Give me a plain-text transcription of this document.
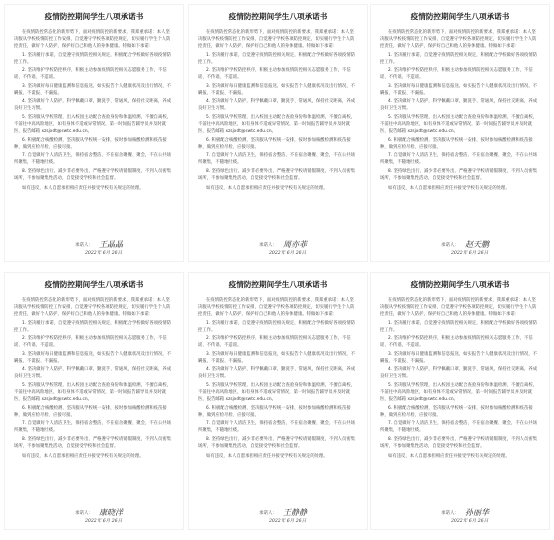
疫情防控期间学生八项承诺书
在疫情防控常态化的新形势下，面对疫情防控的新要求，我郑重承诺：本人坚决服从学校疫情防控工作安排，自觉遵守学校各项防控规定，切实履行学生个人防控责任，做好个人防护，保护好自己和他人的身体健康。特做如下承诺：
1. 坚决履行承诺，自觉遵守疫情防控相关规定，积极配合学校做好各项疫情防控工作。
2. 坚决维护学校防控秩序，积极主动参加疫情防控相关志愿服务工作，不信谣、不传谣、不造谣。
3. 坚决做好每日健康监测和信息报送，如实报告个人健康状况及出行情况，不瞒报、不谎报、不漏报。
4. 坚决做好个人防护，科学佩戴口罩，勤洗手、常通风，保持社交距离，养成良好卫生习惯。
5. 坚决服从学校管理，出入校园主动配合查验身份和体温检测，不擅自离校，不前往中高风险地区，如有身体不适或异常情况，第一时间报告辅导员并及时就医，报告邮箱 xzsjxdt@swtc.edu.cn。
6. 积极配合核酸检测，坚决服从学校统一安排，按时参加核酸检测和疫苗接种，做到应检尽检、应接尽接。
7. 自觉做好个人清洁卫生，保持宿舍整洁，不在宿舍聚餐、聚会，不在公共场所聚集，不随地吐痰。
8. 坚持绿色出行，减少非必要外出，严格遵守学校请销假制度，不到人员密集场所，不参加聚集性活动，自觉接受学校和社会监督。
如有违反，本人自愿承担相应责任并接受学校有关规定的处理。
承诺人： 王晶晶
2022年 6月 26日
疫情防控期间学生八项承诺书
在疫情防控常态化的新形势下，面对疫情防控的新要求，我郑重承诺：本人坚决服从学校疫情防控工作安排，自觉遵守学校各项防控规定，切实履行学生个人防控责任，做好个人防护，保护好自己和他人的身体健康。特做如下承诺：
1. 坚决履行承诺，自觉遵守疫情防控相关规定，积极配合学校做好各项疫情防控工作。
2. 坚决维护学校防控秩序，积极主动参加疫情防控相关志愿服务工作，不信谣、不传谣、不造谣。
3. 坚决做好每日健康监测和信息报送，如实报告个人健康状况及出行情况，不瞒报、不谎报、不漏报。
4. 坚决做好个人防护，科学佩戴口罩，勤洗手、常通风，保持社交距离，养成良好卫生习惯。
5. 坚决服从学校管理，出入校园主动配合查验身份和体温检测，不擅自离校，不前往中高风险地区，如有身体不适或异常情况，第一时间报告辅导员并及时就医，报告邮箱 xzsjxdt@swtc.edu.cn。
6. 积极配合核酸检测，坚决服从学校统一安排，按时参加核酸检测和疫苗接种，做到应检尽检、应接尽接。
7. 自觉做好个人清洁卫生，保持宿舍整洁，不在宿舍聚餐、聚会，不在公共场所聚集，不随地吐痰。
8. 坚持绿色出行，减少非必要外出，严格遵守学校请销假制度，不到人员密集场所，不参加聚集性活动，自觉接受学校和社会监督。
如有违反，本人自愿承担相应责任并接受学校有关规定的处理。
承诺人： 周亦菲
2022年 6月 26日
疫情防控期间学生八项承诺书
在疫情防控常态化的新形势下，面对疫情防控的新要求，我郑重承诺：本人坚决服从学校疫情防控工作安排，自觉遵守学校各项防控规定，切实履行学生个人防控责任，做好个人防护，保护好自己和他人的身体健康。特做如下承诺：
1. 坚决履行承诺，自觉遵守疫情防控相关规定，积极配合学校做好各项疫情防控工作。
2. 坚决维护学校防控秩序，积极主动参加疫情防控相关志愿服务工作，不信谣、不传谣、不造谣。
3. 坚决做好每日健康监测和信息报送，如实报告个人健康状况及出行情况，不瞒报、不谎报、不漏报。
4. 坚决做好个人防护，科学佩戴口罩，勤洗手、常通风，保持社交距离，养成良好卫生习惯。
5. 坚决服从学校管理，出入校园主动配合查验身份和体温检测，不擅自离校，不前往中高风险地区，如有身体不适或异常情况，第一时间报告辅导员并及时就医，报告邮箱 xzsjxdt@swtc.edu.cn。
6. 积极配合核酸检测，坚决服从学校统一安排，按时参加核酸检测和疫苗接种，做到应检尽检、应接尽接。
7. 自觉做好个人清洁卫生，保持宿舍整洁，不在宿舍聚餐、聚会，不在公共场所聚集，不随地吐痰。
8. 坚持绿色出行，减少非必要外出，严格遵守学校请销假制度，不到人员密集场所，不参加聚集性活动，自觉接受学校和社会监督。
如有违反，本人自愿承担相应责任并接受学校有关规定的处理。
承诺人： 赵天鹏
2022年 6月 26日
疫情防控期间学生八项承诺书
在疫情防控常态化的新形势下，面对疫情防控的新要求，我郑重承诺：本人坚决服从学校疫情防控工作安排，自觉遵守学校各项防控规定，切实履行学生个人防控责任，做好个人防护，保护好自己和他人的身体健康。特做如下承诺：
1. 坚决履行承诺，自觉遵守疫情防控相关规定，积极配合学校做好各项疫情防控工作。
2. 坚决维护学校防控秩序，积极主动参加疫情防控相关志愿服务工作，不信谣、不传谣、不造谣。
3. 坚决做好每日健康监测和信息报送，如实报告个人健康状况及出行情况，不瞒报、不谎报、不漏报。
4. 坚决做好个人防护，科学佩戴口罩，勤洗手、常通风，保持社交距离，养成良好卫生习惯。
5. 坚决服从学校管理，出入校园主动配合查验身份和体温检测，不擅自离校，不前往中高风险地区，如有身体不适或异常情况，第一时间报告辅导员并及时就医，报告邮箱 xzsjxdt@swtc.edu.cn。
6. 积极配合核酸检测，坚决服从学校统一安排，按时参加核酸检测和疫苗接种，做到应检尽检、应接尽接。
7. 自觉做好个人清洁卫生，保持宿舍整洁，不在宿舍聚餐、聚会，不在公共场所聚集，不随地吐痰。
8. 坚持绿色出行，减少非必要外出，严格遵守学校请销假制度，不到人员密集场所，不参加聚集性活动，自觉接受学校和社会监督。
如有违反，本人自愿承担相应责任并接受学校有关规定的处理。
承诺人： 康晓洋
2022年 6月 26日
疫情防控期间学生八项承诺书
在疫情防控常态化的新形势下，面对疫情防控的新要求，我郑重承诺：本人坚决服从学校疫情防控工作安排，自觉遵守学校各项防控规定，切实履行学生个人防控责任，做好个人防护，保护好自己和他人的身体健康。特做如下承诺：
1. 坚决履行承诺，自觉遵守疫情防控相关规定，积极配合学校做好各项疫情防控工作。
2. 坚决维护学校防控秩序，积极主动参加疫情防控相关志愿服务工作，不信谣、不传谣、不造谣。
3. 坚决做好每日健康监测和信息报送，如实报告个人健康状况及出行情况，不瞒报、不谎报、不漏报。
4. 坚决做好个人防护，科学佩戴口罩，勤洗手、常通风，保持社交距离，养成良好卫生习惯。
5. 坚决服从学校管理，出入校园主动配合查验身份和体温检测，不擅自离校，不前往中高风险地区，如有身体不适或异常情况，第一时间报告辅导员并及时就医，报告邮箱 xzsjxdt@swtc.edu.cn。
6. 积极配合核酸检测，坚决服从学校统一安排，按时参加核酸检测和疫苗接种，做到应检尽检、应接尽接。
7. 自觉做好个人清洁卫生，保持宿舍整洁，不在宿舍聚餐、聚会，不在公共场所聚集，不随地吐痰。
8. 坚持绿色出行，减少非必要外出，严格遵守学校请销假制度，不到人员密集场所，不参加聚集性活动，自觉接受学校和社会监督。
如有违反，本人自愿承担相应责任并接受学校有关规定的处理。
承诺人： 王静静
2022年 6月 26日
疫情防控期间学生八项承诺书
在疫情防控常态化的新形势下，面对疫情防控的新要求，我郑重承诺：本人坚决服从学校疫情防控工作安排，自觉遵守学校各项防控规定，切实履行学生个人防控责任，做好个人防护，保护好自己和他人的身体健康。特做如下承诺：
1. 坚决履行承诺，自觉遵守疫情防控相关规定，积极配合学校做好各项疫情防控工作。
2. 坚决维护学校防控秩序，积极主动参加疫情防控相关志愿服务工作，不信谣、不传谣、不造谣。
3. 坚决做好每日健康监测和信息报送，如实报告个人健康状况及出行情况，不瞒报、不谎报、不漏报。
4. 坚决做好个人防护，科学佩戴口罩，勤洗手、常通风，保持社交距离，养成良好卫生习惯。
5. 坚决服从学校管理，出入校园主动配合查验身份和体温检测，不擅自离校，不前往中高风险地区，如有身体不适或异常情况，第一时间报告辅导员并及时就医，报告邮箱 xzsjxdt@swtc.edu.cn。
6. 积极配合核酸检测，坚决服从学校统一安排，按时参加核酸检测和疫苗接种，做到应检尽检、应接尽接。
7. 自觉做好个人清洁卫生，保持宿舍整洁，不在宿舍聚餐、聚会，不在公共场所聚集，不随地吐痰。
8. 坚持绿色出行，减少非必要外出，严格遵守学校请销假制度，不到人员密集场所，不参加聚集性活动，自觉接受学校和社会监督。
如有违反，本人自愿承担相应责任并接受学校有关规定的处理。
承诺人： 孙丽华
2022年 6月 26日
